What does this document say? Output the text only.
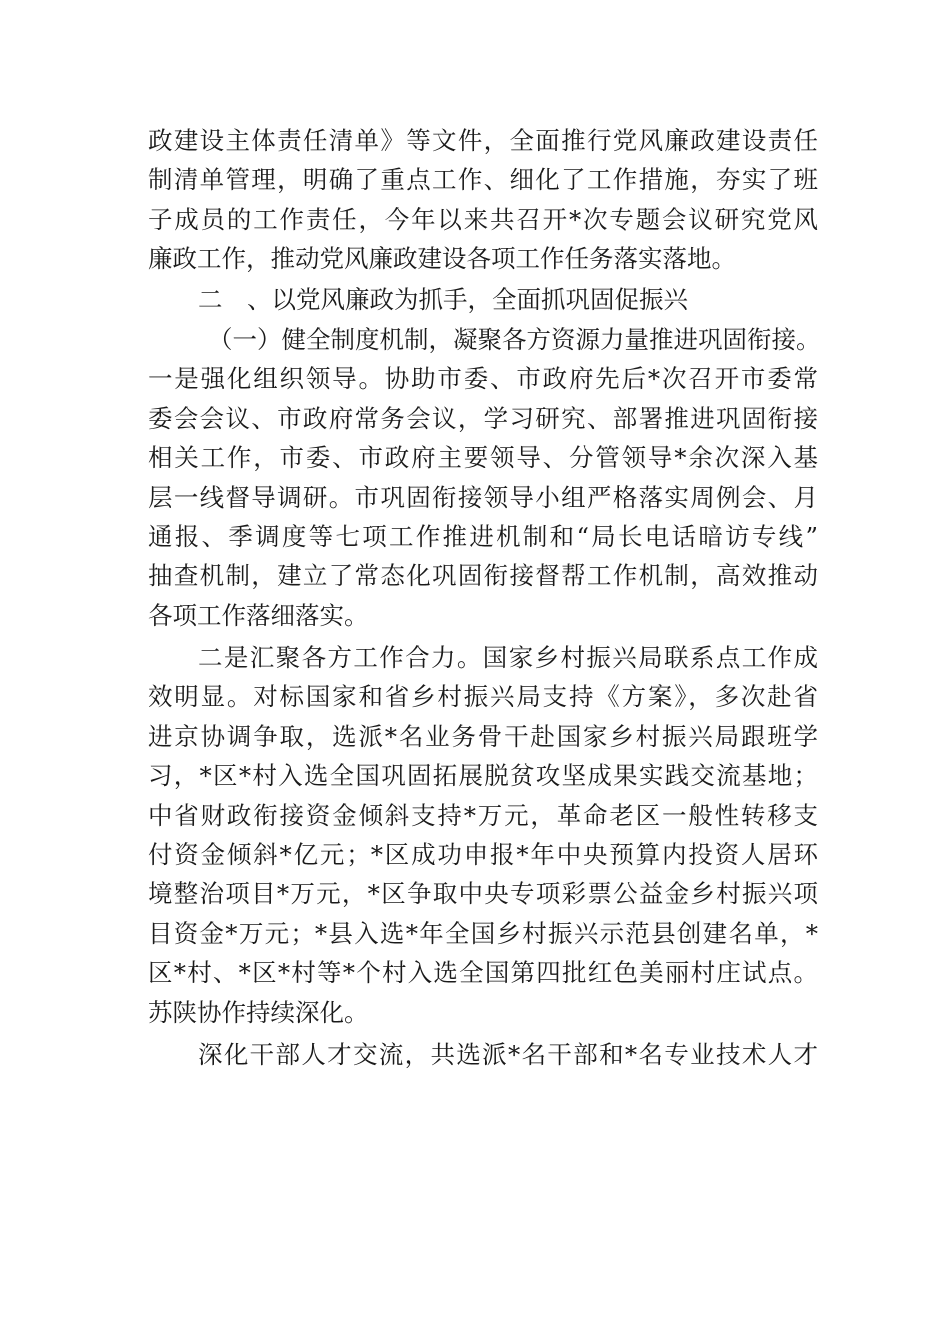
政建设主体责任清单》等文件，全面推行党风廉政建设责任
制清单管理，明确了重点工作、细化了工作措施，夯实了班
子成员的工作责任，今年以来共召开*次专题会议研究党风
廉政工作，推动党风廉政建设各项工作任务落实落地。
二　、以党风廉政为抓手，全面抓巩固促振兴
（一）健全制度机制，凝聚各方资源力量推进巩固衔接。
一是强化组织领导。协助市委、市政府先后*次召开市委常
委会会议、市政府常务会议，学习研究、部署推进巩固衔接
相关工作，市委、市政府主要领导、分管领导*余次深入基
层一线督导调研。市巩固衔接领导小组严格落实周例会、月
通报、季调度等七项工作推进机制和“局长电话暗访专线”
抽查机制，建立了常态化巩固衔接督帮工作机制，高效推动
各项工作落细落实。
二是汇聚各方工作合力。国家乡村振兴局联系点工作成
效明显。对标国家和省乡村振兴局支持《方案》，多次赴省
进京协调争取，选派*名业务骨干赴国家乡村振兴局跟班学
习，*区*村入选全国巩固拓展脱贫攻坚成果实践交流基地；
中省财政衔接资金倾斜支持*万元，革命老区一般性转移支
付资金倾斜*亿元；*区成功申报*年中央预算内投资人居环
境整治项目*万元，*区争取中央专项彩票公益金乡村振兴项
目资金*万元；*县入选*年全国乡村振兴示范县创建名单，*
区*村、*区*村等*个村入选全国第四批红色美丽村庄试点。
苏陕协作持续深化。
深化干部人才交流，共选派*名干部和*名专业技术人才
